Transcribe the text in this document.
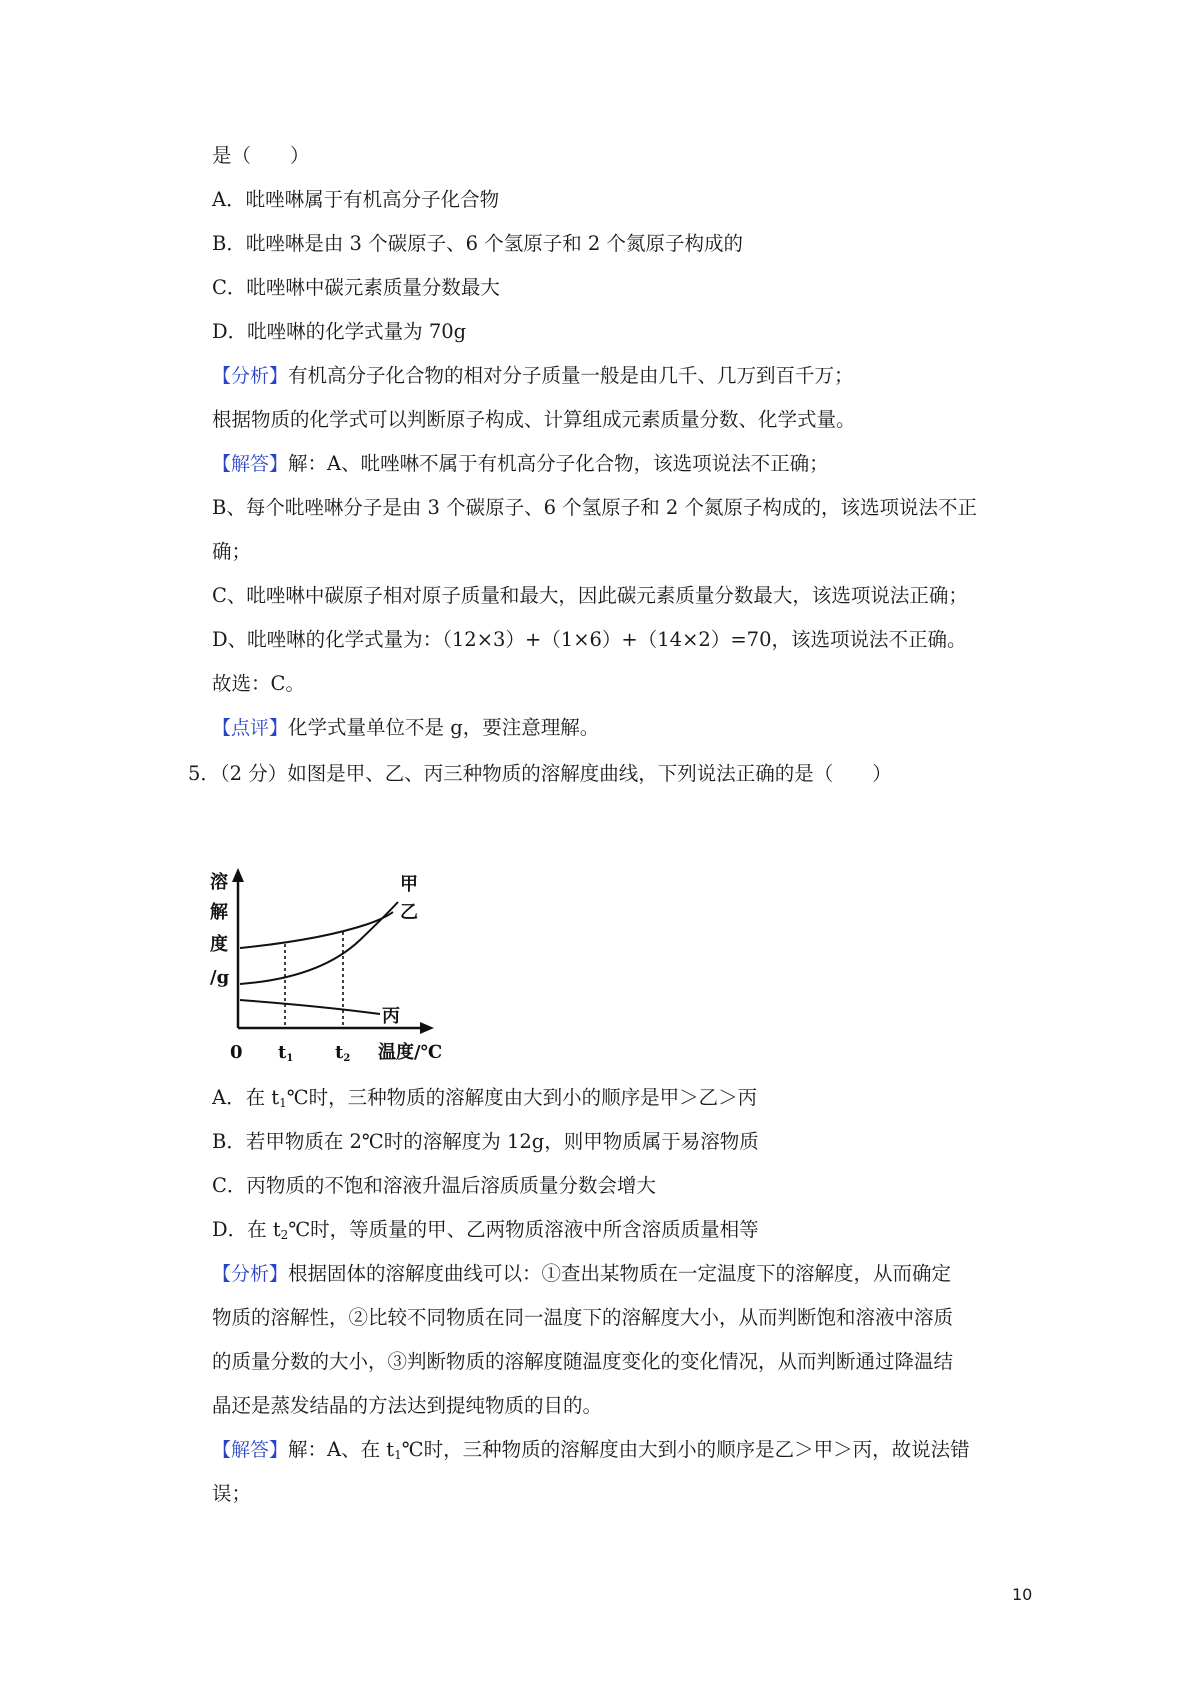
是（　　）
A．吡唑啉属于有机高分子化合物
B．吡唑啉是由 3 个碳原子、6 个氢原子和 2 个氮原子构成的
C．吡唑啉中碳元素质量分数最大
D．吡唑啉的化学式量为 70g
【分析】有机高分子化合物的相对分子质量一般是由几千、几万到百千万；
根据物质的化学式可以判断原子构成、计算组成元素质量分数、化学式量。
【解答】解：A、吡唑啉不属于有机高分子化合物，该选项说法不正确；
B、每个吡唑啉分子是由 3 个碳原子、6 个氢原子和 2 个氮原子构成的，该选项说法不正
确；
C、吡唑啉中碳原子相对原子质量和最大，因此碳元素质量分数最大，该选项说法正确；
D、吡唑啉的化学式量为：（12×3）+（1×6）+（14×2）=70，该选项说法不正确。
故选：C。
【点评】化学式量单位不是 g，要注意理解。
5．（2 分）如图是甲、乙、丙三种物质的溶解度曲线，下列说法正确的是（　　）
溶
解
度
/g
甲
乙
丙
0 t1 t2 温度/℃
A．在 $t_1℃$时，三种物质的溶解度由大到小的顺序是甲＞乙＞丙
B．若甲物质在 2℃时的溶解度为 12g，则甲物质属于易溶物质
C．丙物质的不饱和溶液升温后溶质质量分数会增大
D．在 $t_2℃$时，等质量的甲、乙两物质溶液中所含溶质质量相等
【分析】根据固体的溶解度曲线可以：①查出某物质在一定温度下的溶解度，从而确定
物质的溶解性，②比较不同物质在同一温度下的溶解度大小，从而判断饱和溶液中溶质
的质量分数的大小，③判断物质的溶解度随温度变化的变化情况，从而判断通过降温结
晶还是蒸发结晶的方法达到提纯物质的目的。
【解答】解：A、在 $t_1℃$时，三种物质的溶解度由大到小的顺序是乙＞甲＞丙，故说法错
误；
10
